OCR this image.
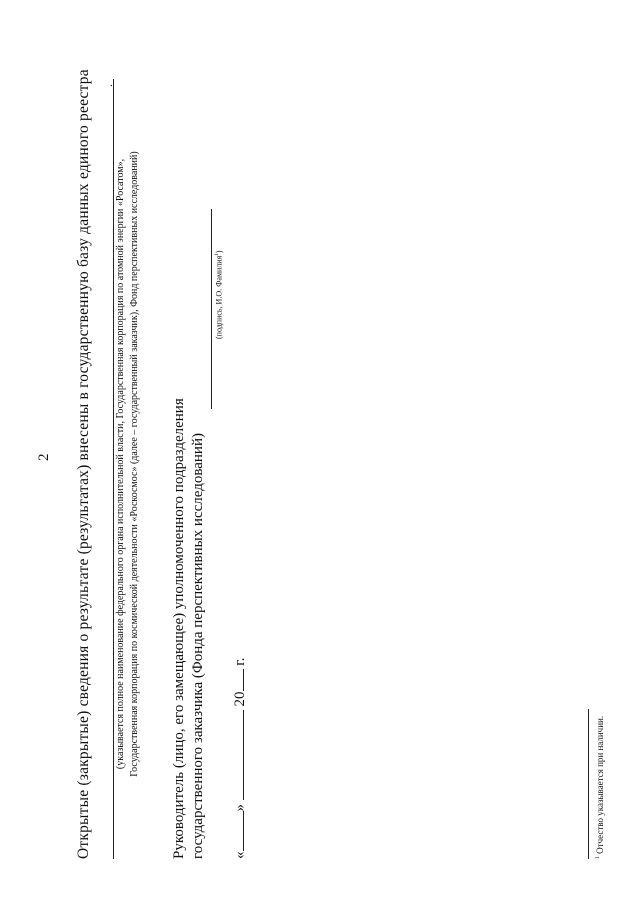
2 Открытые (закрытые) сведения о результате (результатах) внесены в государственную базу данных единого реестра .
(указывается полное наименование федерального органа исполнительной власти, Государственная корпорация по атомной энергии «Росатом», Государственная корпорация по космической деятельности «Роскосмос» (далее – государственный заказчик), Фонд перспективных исследований) Руководитель (лицо, его замещающее) уполномоченного подразделения государственного заказчика (Фонда перспективных исследований)
(подпись, И.О. Фамилия$^1$)
«»  20 г.
$^1$ Отчество указывается при наличии.
